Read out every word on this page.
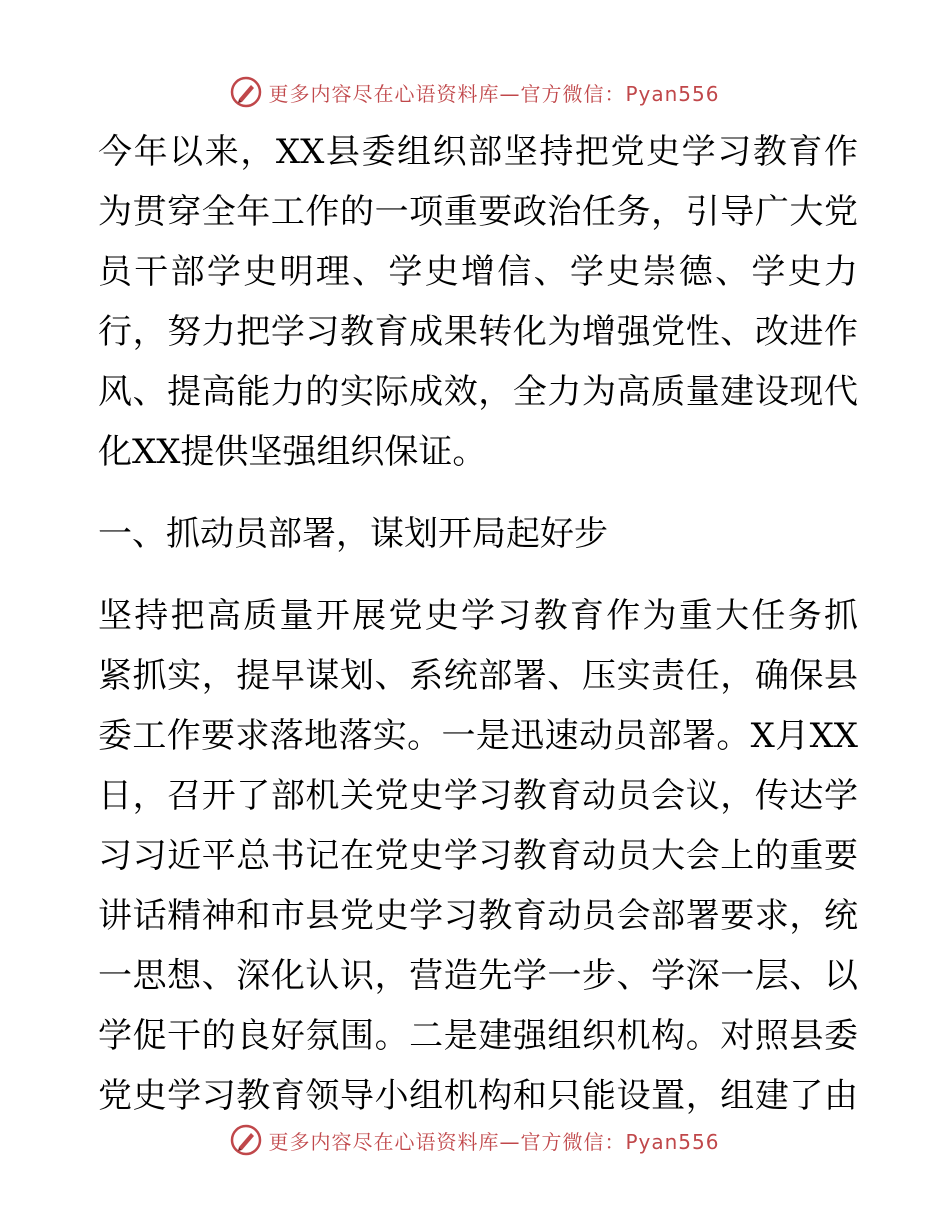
更多内容尽在心语资料库—官方微信：Pyan556
今年以来，XX县委组织部坚持把党史学习教育作
为贯穿全年工作的一项重要政治任务，引导广大党
员干部学史明理、学史增信、学史崇德、学史力
行，努力把学习教育成果转化为增强党性、改进作
风、提高能力的实际成效，全力为高质量建设现代
化XX提供坚强组织保证。
一、抓动员部署，谋划开局起好步
坚持把高质量开展党史学习教育作为重大任务抓
紧抓实，提早谋划、系统部署、压实责任，确保县
委工作要求落地落实。一是迅速动员部署。X月XX
日，召开了部机关党史学习教育动员会议，传达学
习习近平总书记在党史学习教育动员大会上的重要
讲话精神和市县党史学习教育动员会部署要求，统
一思想、深化认识，营造先学一步、学深一层、以
学促干的良好氛围。二是建强组织机构。对照县委
党史学习教育领导小组机构和只能设置，组建了由
更多内容尽在心语资料库—官方微信：Pyan556
